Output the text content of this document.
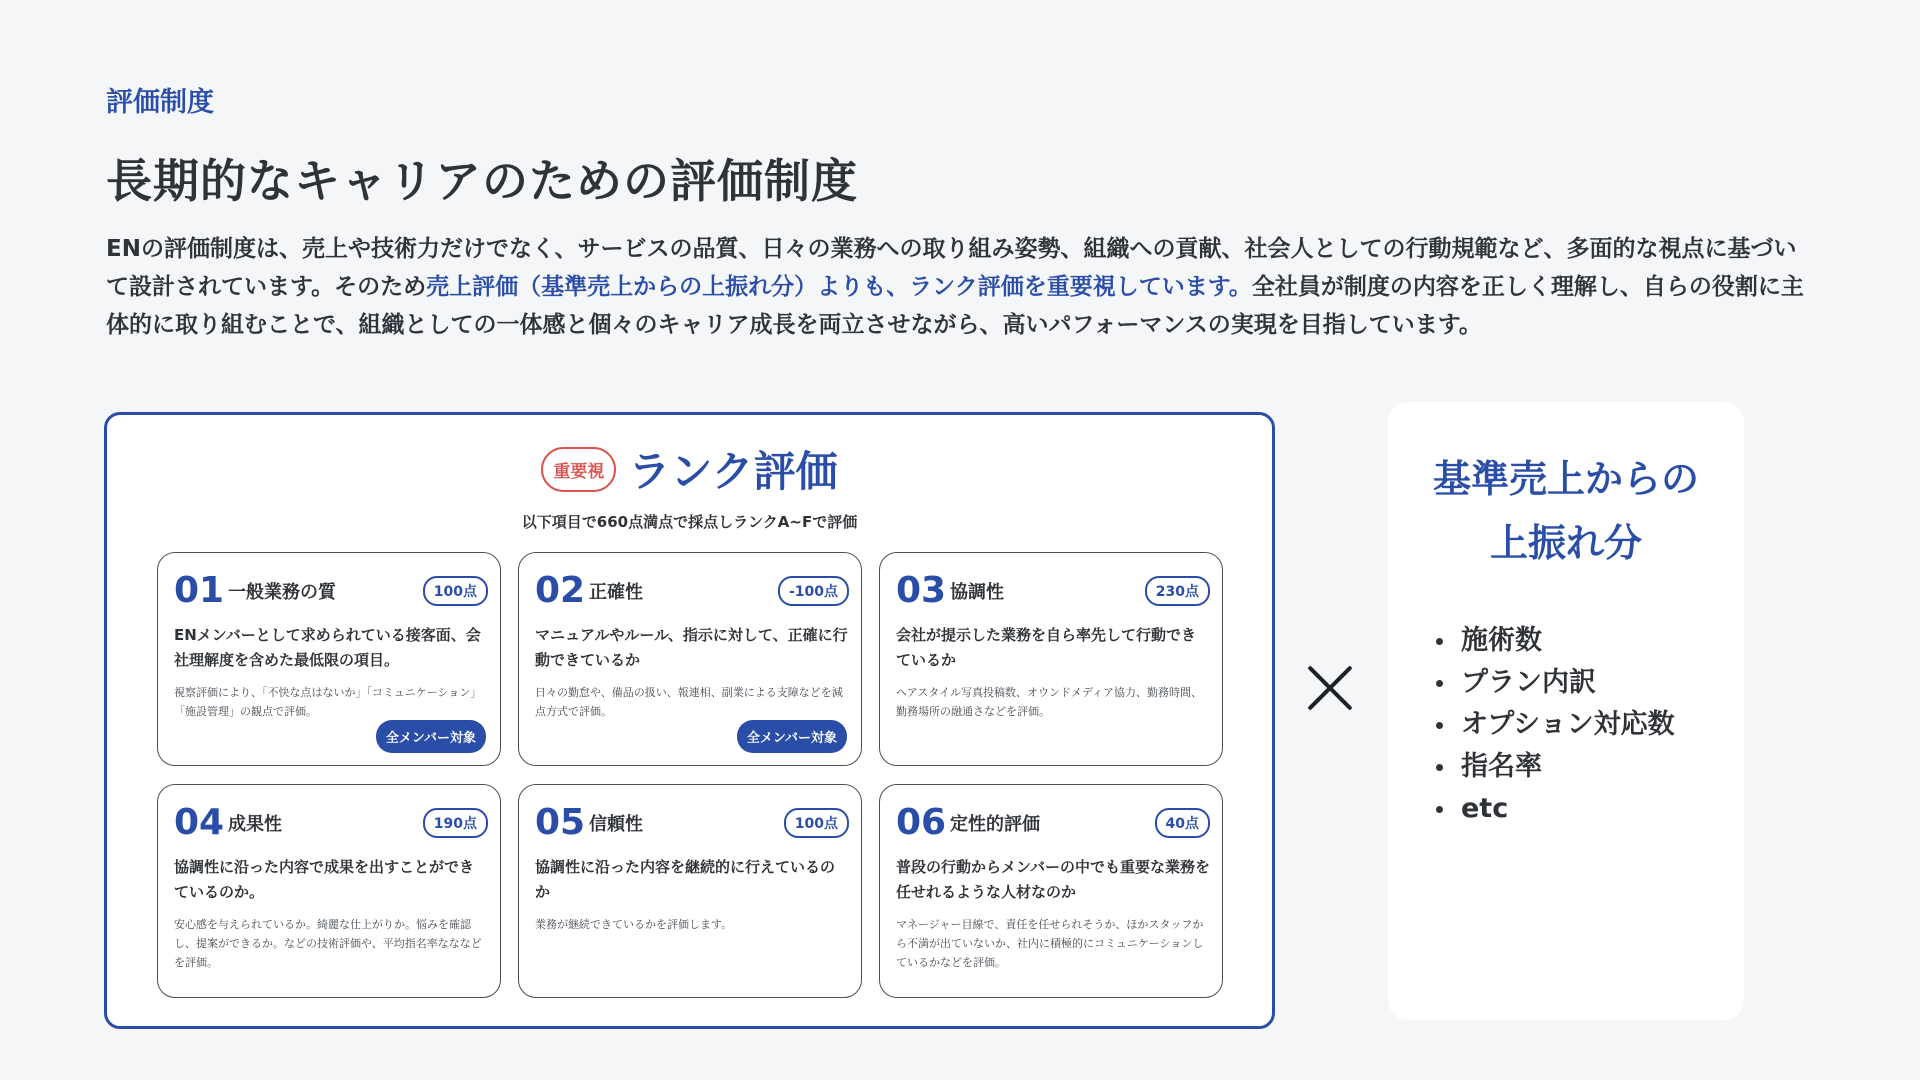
評価制度
長期的なキャリアのための評価制度

ENの評価制度は、売上や技術力だけでなく、サービスの品質、日々の業務への取り組み姿勢、組織への貢献、社会人としての行動規範など、多面的な視点に基づいて設計されています。そのため売上評価（基準売上からの上振れ分）よりも、ランク評価を重要視しています。全社員が制度の内容を正しく理解し、自らの役割に主体的に取り組むことで、組織としての一体感と個々のキャリア成長を両立させながら、高いパフォーマンスの実現を目指しています。

重要視 ランク評価
以下項目で660点満点で採点しランクA~Fで評価
01 一般業務の質	100点
ENメンバーとして求められている接客面、会社理解度を含めた最低限の項目。
視察評価により、「不快な点はないか」「コミュニケーション」「施設管理」の観点で評価。
全メンバー対象
02 正確性	-100点
マニュアルやルール、指示に対して、正確に行動できているか
日々の勤怠や、備品の扱い、報連相、副業による支障などを減点方式で評価。
全メンバー対象
03 協調性	230点
会社が提示した業務を自ら率先して行動できているか
ヘアスタイル写真投稿数、オウンドメディア協力、勤務時間、勤務場所の融通さなどを評価。
04 成果性	190点
協調性に沿った内容で成果を出すことができているのか。
安心感を与えられているか。綺麗な仕上がりか。悩みを確認し、提案ができるか。などの技術評価や、平均指名率なななどを評価。
05 信頼性	100点
協調性に沿った内容を継続的に行えているのか
業務が継続できているかを評価します。
06 定性的評価	40点
普段の行動からメンバーの中でも重要な業務を任せれるような人材なのか
マネージャー目線で、責任を任せられそうか、ほかスタッフから不満が出ていないか、社内に積極的にコミュニケーションしているかなどを評価。
基準売上からの
上振れ分
施術数
プラン内訳
オプション対応数
指名率
etc
